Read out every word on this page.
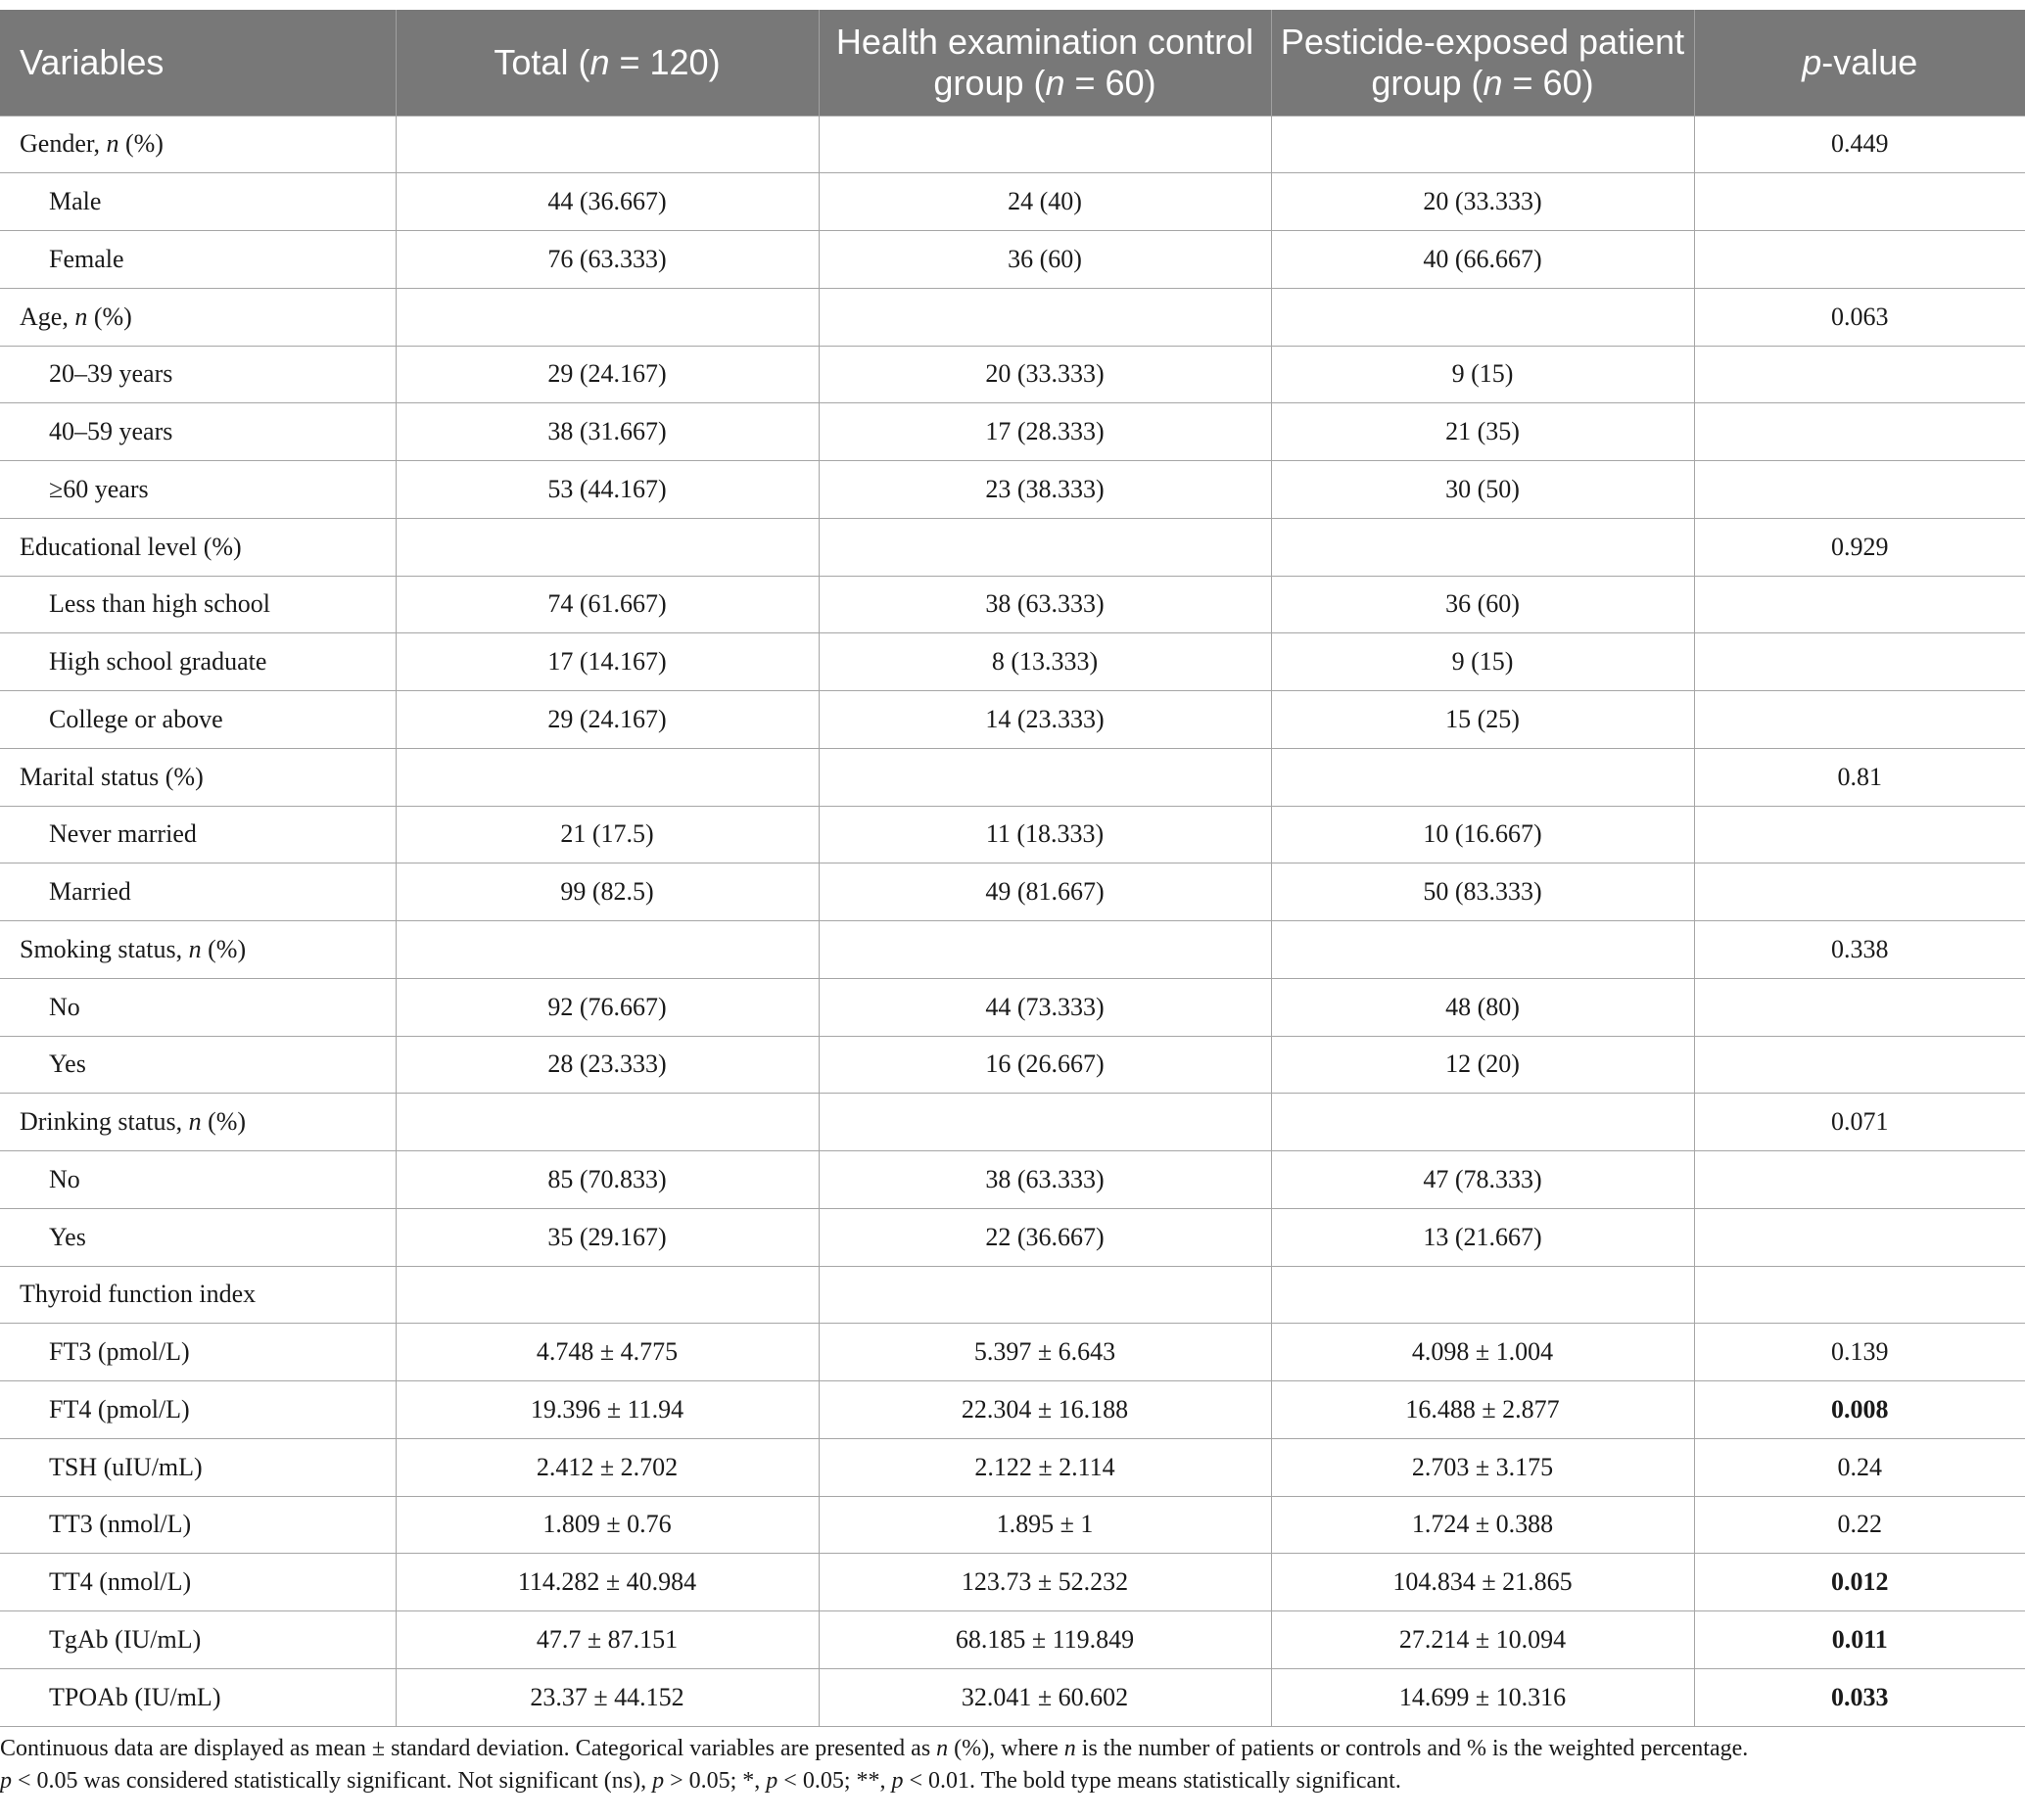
Variables	Total (n = 120)	Health examination control group (n = 60)	Pesticide-exposed patient group (n = 60)	p-value
Gender, n (%)				0.449
Male	44 (36.667)	24 (40)	20 (33.333)	
Female	76 (63.333)	36 (60)	40 (66.667)	
Age, n (%)				0.063
20–39 years	29 (24.167)	20 (33.333)	9 (15)	
40–59 years	38 (31.667)	17 (28.333)	21 (35)	
≥60 years	53 (44.167)	23 (38.333)	30 (50)	
Educational level (%)				0.929
Less than high school	74 (61.667)	38 (63.333)	36 (60)	
High school graduate	17 (14.167)	8 (13.333)	9 (15)	
College or above	29 (24.167)	14 (23.333)	15 (25)	
Marital status (%)				0.81
Never married	21 (17.5)	11 (18.333)	10 (16.667)	
Married	99 (82.5)	49 (81.667)	50 (83.333)	
Smoking status, n (%)				0.338
No	92 (76.667)	44 (73.333)	48 (80)	
Yes	28 (23.333)	16 (26.667)	12 (20)	
Drinking status, n (%)				0.071
No	85 (70.833)	38 (63.333)	47 (78.333)	
Yes	35 (29.167)	22 (36.667)	13 (21.667)	
Thyroid function index				
FT3 (pmol/L)	4.748 ± 4.775	5.397 ± 6.643	4.098 ± 1.004	0.139
FT4 (pmol/L)	19.396 ± 11.94	22.304 ± 16.188	16.488 ± 2.877	0.008
TSH (uIU/mL)	2.412 ± 2.702	2.122 ± 2.114	2.703 ± 3.175	0.24
TT3 (nmol/L)	1.809 ± 0.76	1.895 ± 1	1.724 ± 0.388	0.22
TT4 (nmol/L)	114.282 ± 40.984	123.73 ± 52.232	104.834 ± 21.865	0.012
TgAb (IU/mL)	47.7 ± 87.151	68.185 ± 119.849	27.214 ± 10.094	0.011
TPOAb (IU/mL)	23.37 ± 44.152	32.041 ± 60.602	14.699 ± 10.316	0.033
Continuous data are displayed as mean ± standard deviation. Categorical variables are presented as n (%), where n is the number of patients or controls and % is the weighted percentage.
p < 0.05 was considered statistically significant. Not significant (ns), p > 0.05; *, p < 0.05; **, p < 0.01. The bold type means statistically significant.
